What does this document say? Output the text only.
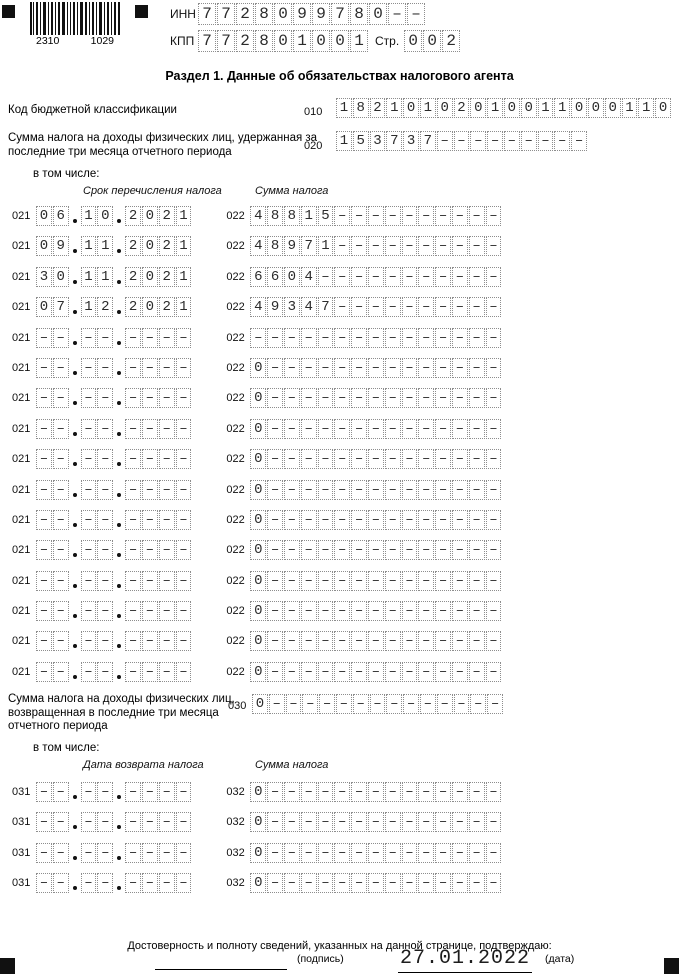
2310	1029
ИНН 7 7 2 8 0 9 9 7 8 0 – –
КПП 7 7 2 8 0 1 0 0 1 Стр. 0 0 2
Раздел 1. Данные об обязательствах налогового агента
Код бюджетной классификации	010 1 8 2 1 0 1 0 2 0 1 0 0 1 1 0 0 0 1 1 0
Сумма налога на доходы физических лиц, удержанная за последние три месяца отчетного периода	020 1 5 3 7 3 7 – – – – – – – – –
в том числе:
Срок перечисления налога	Сумма налога
021 0 6 1 0 2 0 2 1	022 4 8 8 1 5 – – – – – – – – – –
021 0 9 1 1 2 0 2 1	022 4 8 9 7 1 – – – – – – – – – –
021 3 0 1 1 2 0 2 1	022 6 6 0 4 – – – – – – – – – – –
021 0 7 1 2 2 0 2 1	022 4 9 3 4 7 – – – – – – – – – –
021 – – – – – – – –	022 – – – – – – – – – – – – – – –
021 – – – – – – – –	022 0 – – – – – – – – – – – – – –
021 – – – – – – – –	022 0 – – – – – – – – – – – – – –
021 – – – – – – – –	022 0 – – – – – – – – – – – – – –
021 – – – – – – – –	022 0 – – – – – – – – – – – – – –
021 – – – – – – – –	022 0 – – – – – – – – – – – – – –
021 – – – – – – – –	022 0 – – – – – – – – – – – – – –
021 – – – – – – – –	022 0 – – – – – – – – – – – – – –
021 – – – – – – – –	022 0 – – – – – – – – – – – – – –
021 – – – – – – – –	022 0 – – – – – – – – – – – – – –
021 – – – – – – – –	022 0 – – – – – – – – – – – – – –
021 – – – – – – – –	022 0 – – – – – – – – – – – – – –
Сумма налога на доходы физических лиц, возвращенная в последние три месяца отчетного периода
030 0 – – – – – – – – – – – – – –
в том числе:
Дата возврата налога	Сумма налога
031 – – – – – – – –	032 0 – – – – – – – – – – – – – –
031 – – – – – – – –	032 0 – – – – – – – – – – – – – –
031 – – – – – – – –	032 0 – – – – – – – – – – – – – –
031 – – – – – – – –	032 0 – – – – – – – – – – – – – –
Достоверность и полноту сведений, указанных на данной странице, подтверждаю:
(подпись)	27.01.2022 (дата)
